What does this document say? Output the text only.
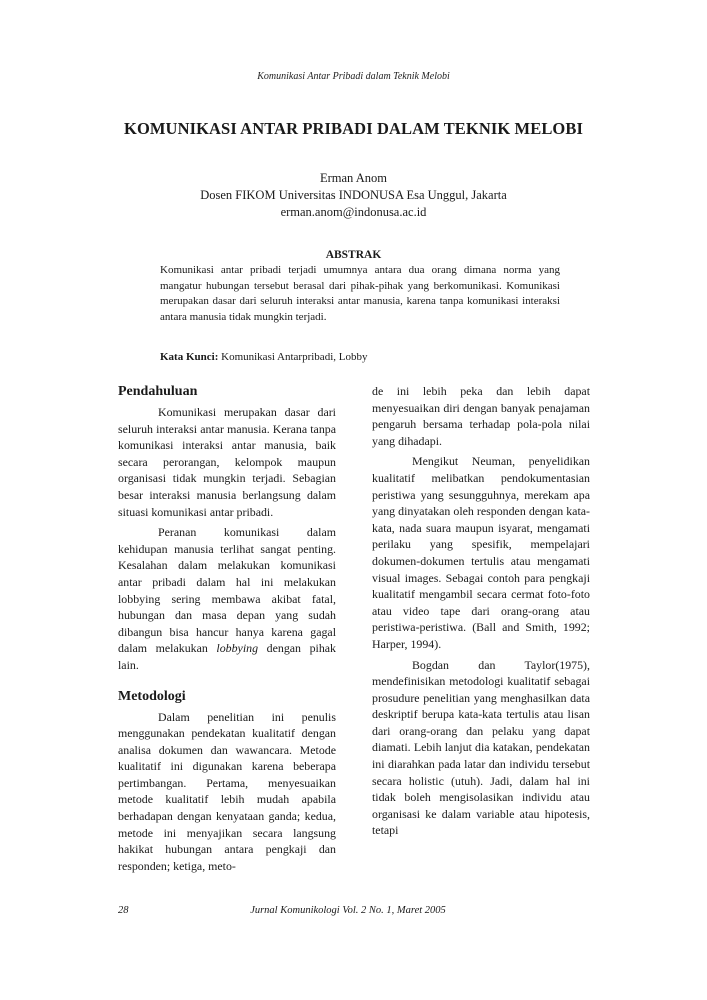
Komunikasi Antar Pribadi dalam Teknik Melobi
KOMUNIKASI ANTAR PRIBADI DALAM TEKNIK MELOBI
Erman Anom
Dosen FIKOM Universitas INDONUSA Esa Unggul, Jakarta
erman.anom@indonusa.ac.id
ABSTRAK
Komunikasi antar pribadi terjadi umumnya antara dua orang dimana norma yang mangatur hubungan tersebut berasal dari pihak-pihak yang berkomunikasi. Komunikasi merupakan dasar dari seluruh interaksi antar manusia, karena tanpa komunikasi interaksi antara manusia tidak mungkin terjadi.
Kata Kunci: Komunikasi Antarpribadi, Lobby
Pendahuluan

Komunikasi merupakan dasar dari seluruh interaksi antar manusia. Kerana tanpa komunikasi interaksi antar manusia, baik secara perorangan, kelompok maupun organisasi tidak mungkin terjadi. Sebagian besar interaksi manusia berlangsung dalam situasi komunikasi antar pribadi.

Peranan komunikasi dalam kehidupan manusia terlihat sangat penting. Kesalahan dalam melakukan komunikasi antar pribadi dalam hal ini melakukan lobbying sering membawa akibat fatal, hubungan dan masa depan yang sudah dibangun bisa hancur hanya karena gagal dalam melakukan lobbying dengan pihak lain.

Metodologi

Dalam penelitian ini penulis menggunakan pendekatan kualitatif dengan analisa dokumen dan wawancara. Metode kualitatif ini digunakan karena beberapa pertimbangan. Pertama, menyesuaikan metode kualitatif lebih mudah apabila berhadapan dengan kenyataan ganda; kedua, metode ini menyajikan secara langsung hakikat hubungan antara pengkaji dan responden; ketiga, meto-

de ini lebih peka dan lebih dapat menyesuaikan diri dengan banyak penajaman pengaruh bersama terhadap pola-pola nilai yang dihadapi.

Mengikut Neuman, penyelidikan kualitatif melibatkan pendokumentasian peristiwa yang sesungguhnya, merekam apa yang dinyatakan oleh responden dengan kata-kata, nada suara maupun isyarat, mengamati perilaku yang spesifik, mempelajari dokumen-dokumen tertulis atau mengamati visual images. Sebagai contoh para pengkaji kualitatif mengambil secara cermat foto-foto atau video tape dari orang-orang atau peristiwa-peristiwa. (Ball and Smith, 1992; Harper, 1994).

Bogdan dan Taylor(1975), mendefinisikan metodologi kualitatif sebagai prosudure penelitian yang menghasilkan data deskriptif berupa kata-kata tertulis atau lisan dari orang-orang dan pelaku yang dapat diamati. Lebih lanjut dia katakan, pendekatan ini diarahkan pada latar dan individu tersebut secara holistic (utuh). Jadi, dalam hal ini tidak boleh mengisolasikan individu atau organisasi ke dalam variable atau hipotesis, tetapi

28	Jurnal Komunikologi Vol. 2 No. 1, Maret 2005
